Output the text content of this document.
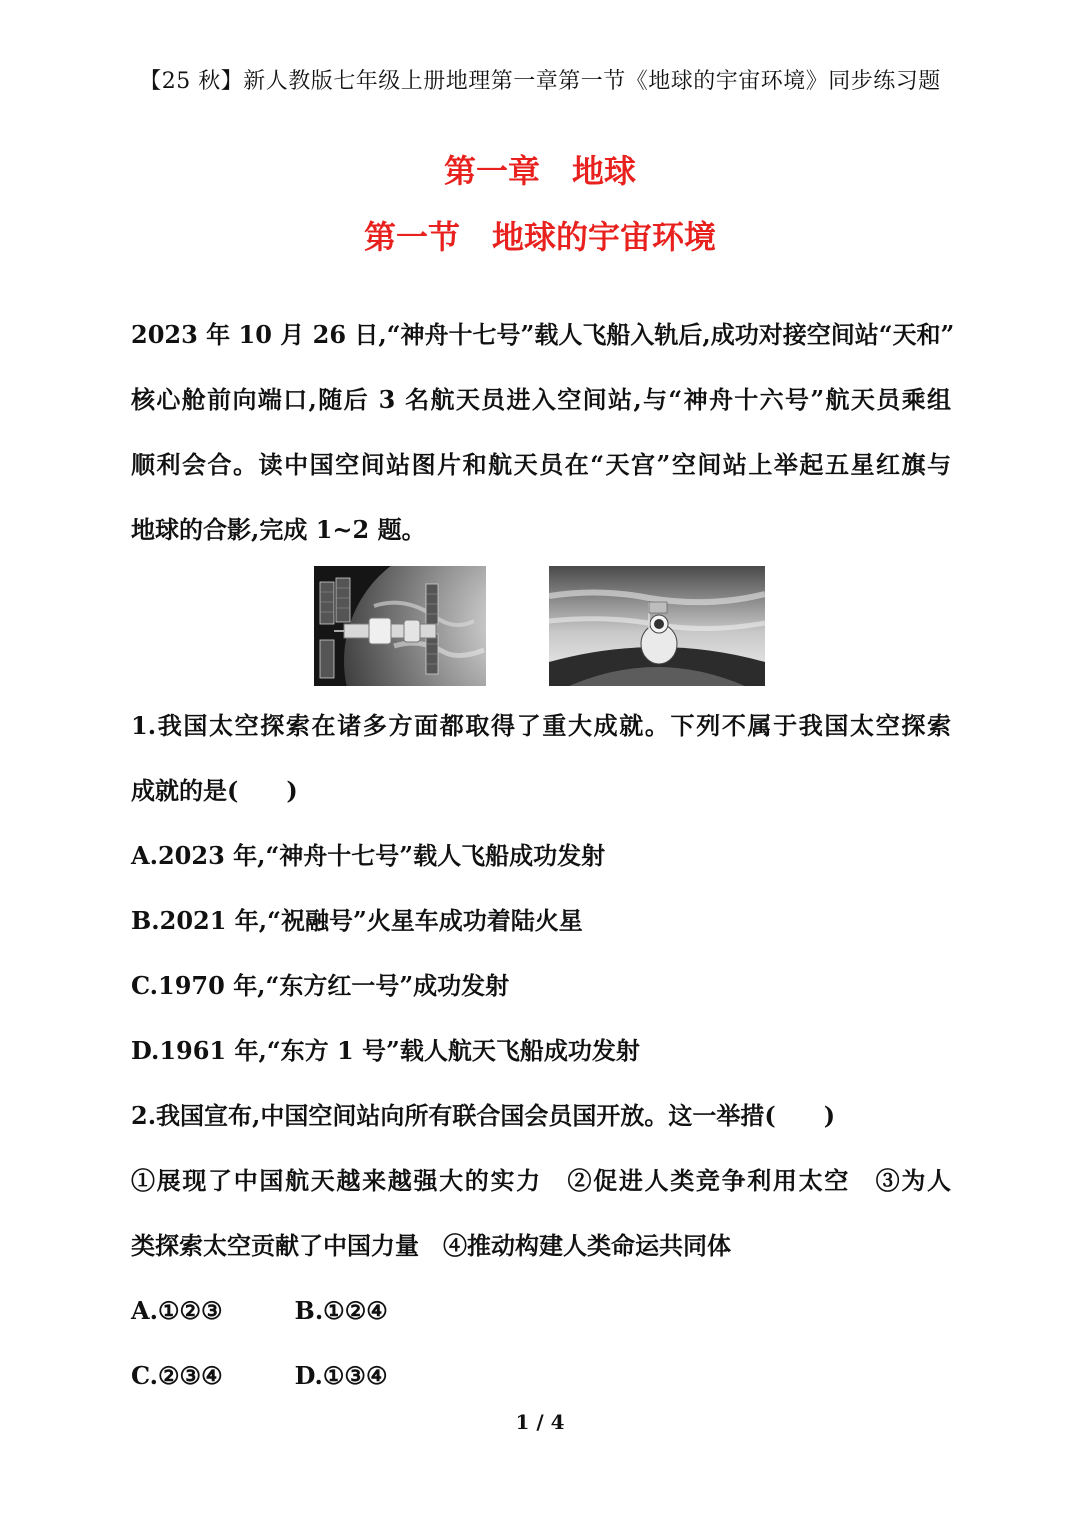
【25 秋】新人教版七年级上册地理第一章第一节《地球的宇宙环境》同步练习题
第一章　地球
第一节　地球的宇宙环境
2023 年 10 月 26 日,“神舟十七号”载人飞船入轨后,成功对接空间站“天和”
核心舱前向端口,随后 3 名航天员进入空间站,与“神舟十六号”航天员乘组
顺利会合。读中国空间站图片和航天员在“天宫”空间站上举起五星红旗与
地球的合影,完成 1~2 题。
1.我国太空探索在诸多方面都取得了重大成就。下列不属于我国太空探索
成就的是(　　)
A.2023 年,“神舟十七号”载人飞船成功发射
B.2021 年,“祝融号”火星车成功着陆火星
C.1970 年,“东方红一号”成功发射
D.1961 年,“东方 1 号”载人航天飞船成功发射
2.我国宣布,中国空间站向所有联合国会员国开放。这一举措(　　)
①展现了中国航天越来越强大的实力　②促进人类竞争利用太空　③为人
类探索太空贡献了中国力量　④推动构建人类命运共同体
A.①②③	B.①②④
C.②③④	D.①③④
1 / 4
